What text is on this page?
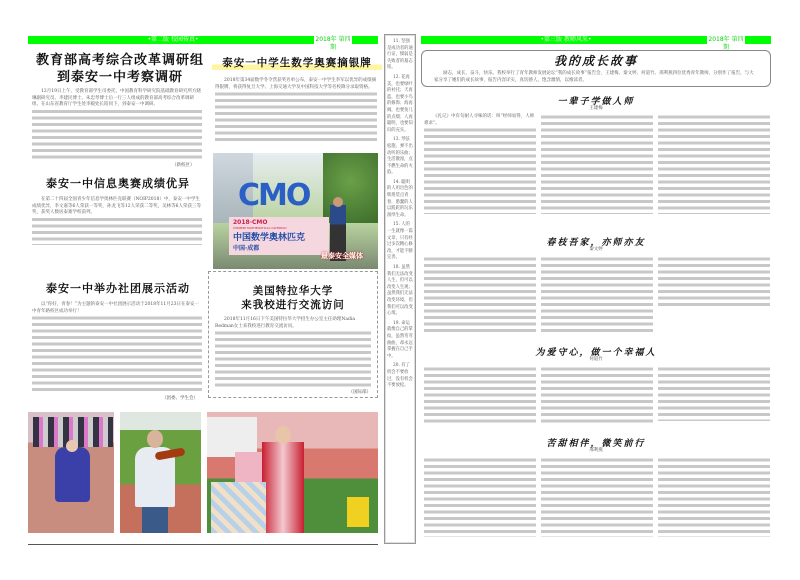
•第二版 校园传真•	2018年 第四期
教育部高考综合改革调研组
到泰安一中考察调研

12月19日上午，受教育部学生司委托，中国教育科学研究院基础教育研究所方晓琳副研究员、李建民博士、朱忠琴博士后一行三人组成的教育部高考综合改革调研组，在山东省教育厅学生处李殿处长陪同下，到泰安一中调研。

（新校区）
泰安一中学生数学奥赛摘银牌

2018年第34届数学冬令营获奖名单公布，泰安一中学生李军以优异的成绩摘得银牌，将获得复旦大学、上海交通大学及中国科技大学等名校降分录取资格。

CMO
2018·CMO
CHINESE MATHEMATICAL OLYMPIAD
中国数学奥林匹克
中国·成都
最泰安全媒体
泰安一中信息奥赛成绩优异

在第二十四届全国青少年信息学奥林匹克联赛（NOIP2018）中，泰安一中学生成绩优异，李文嘉等6人荣获一等奖，孙龙飞等12人荣获二等奖，吴林等6人荣获三等奖，获奖人数居泰寨学校前列。

泰安一中举办社团展示活动

以“你好，青春！”为主题的泰安一中社团展示活动于2018年11月23日在泰安一中青年路校区成功举行！

（团委、学生会）
美国特拉华大学
来我校进行交流访问

2018年11月16日下午美国特拉华大学招生办公室主任助理Nadia Redman女士来我校进行教育交流访问。

（国际部）

11. 坚强是成功者的通行证，懦弱是失败者的墓志铭。

12. 花再美，也要绿叶的衬托；天再蓝，也要小鸟的修饰；海再阔，也要鱼儿的点缀；人再聪明，也要知识的充实。

13. 琴弦松施，弹不出动听的乐曲；生活散漫，点不燃生命的火焰。

14. 聪明的人用出色的辉煌装点青春，愚蠢的人以蹉跎的玩乐演绎生命。

15. 人的一生就像一篇文章，只有经过多次精心修改，才能不断完善。

18. 虽然我们无法改变人生，但可以改变人生观；虽然我们无法改变环境，但我们可以改变心境。

19. 命运就像自己的掌纹，虽然弯弯曲曲，却永远掌握在自己手中。

20. 有了机会不要放过，没有机会不要放松。

•第三版 教师风采•	2018年 第四期
我的成长故事
励志，成长，奋斗，快乐。我校举行了青年教师发展论坛“我的成长故事”报告会，王建梅、秦文婷、何道竹、邢利燕四位优秀青年教师，分别作了报告，与大家分享了她们的成长故事，报告内容详实，真切感人，饱含激情，以飨读者。
一辈子学做人师
王建梅

《礼记》中有句耐人寻味的话：叫“经师易得，人师难求”。

春枝吾家，亦师亦友
秦文婷
为爱守心，做一个幸福人
何道竹
苦甜相伴，微笑前行
邢利燕
